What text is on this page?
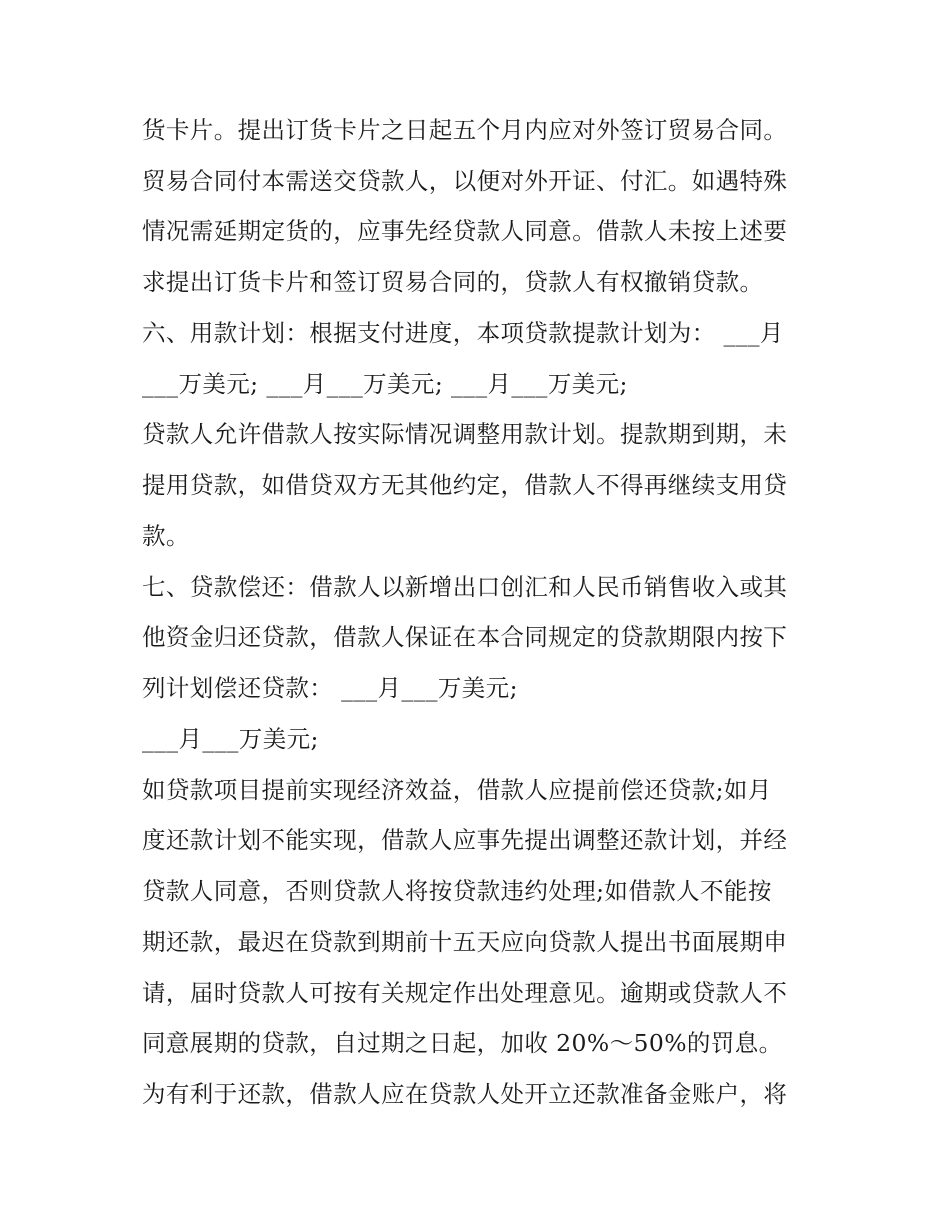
货卡片。提出订货卡片之日起五个月内应对外签订贸易合同。
贸易合同付本需送交贷款人，以便对外开证、付汇。如遇特殊
情况需延期定货的，应事先经贷款人同意。借款人未按上述要
求提出订货卡片和签订贸易合同的，贷款人有权撤销贷款。
六、用款计划：根据支付进度，本项贷款提款计划为： ___月
___万美元; ___月___万美元; ___月___万美元;
贷款人允许借款人按实际情况调整用款计划。提款期到期，未
提用贷款，如借贷双方无其他约定，借款人不得再继续支用贷
款。
七、贷款偿还：借款人以新增出口创汇和人民币销售收入或其
他资金归还贷款，借款人保证在本合同规定的贷款期限内按下
列计划偿还贷款： ___月___万美元;
___月___万美元;
如贷款项目提前实现经济效益，借款人应提前偿还贷款;如月
度还款计划不能实现，借款人应事先提出调整还款计划，并经
贷款人同意，否则贷款人将按贷款违约处理;如借款人不能按
期还款，最迟在贷款到期前十五天应向贷款人提出书面展期申
请，届时贷款人可按有关规定作出处理意见。逾期或贷款人不
同意展期的贷款，自过期之日起，加收 20%～50%的罚息。
为有利于还款，借款人应在贷款人处开立还款准备金账户，将
